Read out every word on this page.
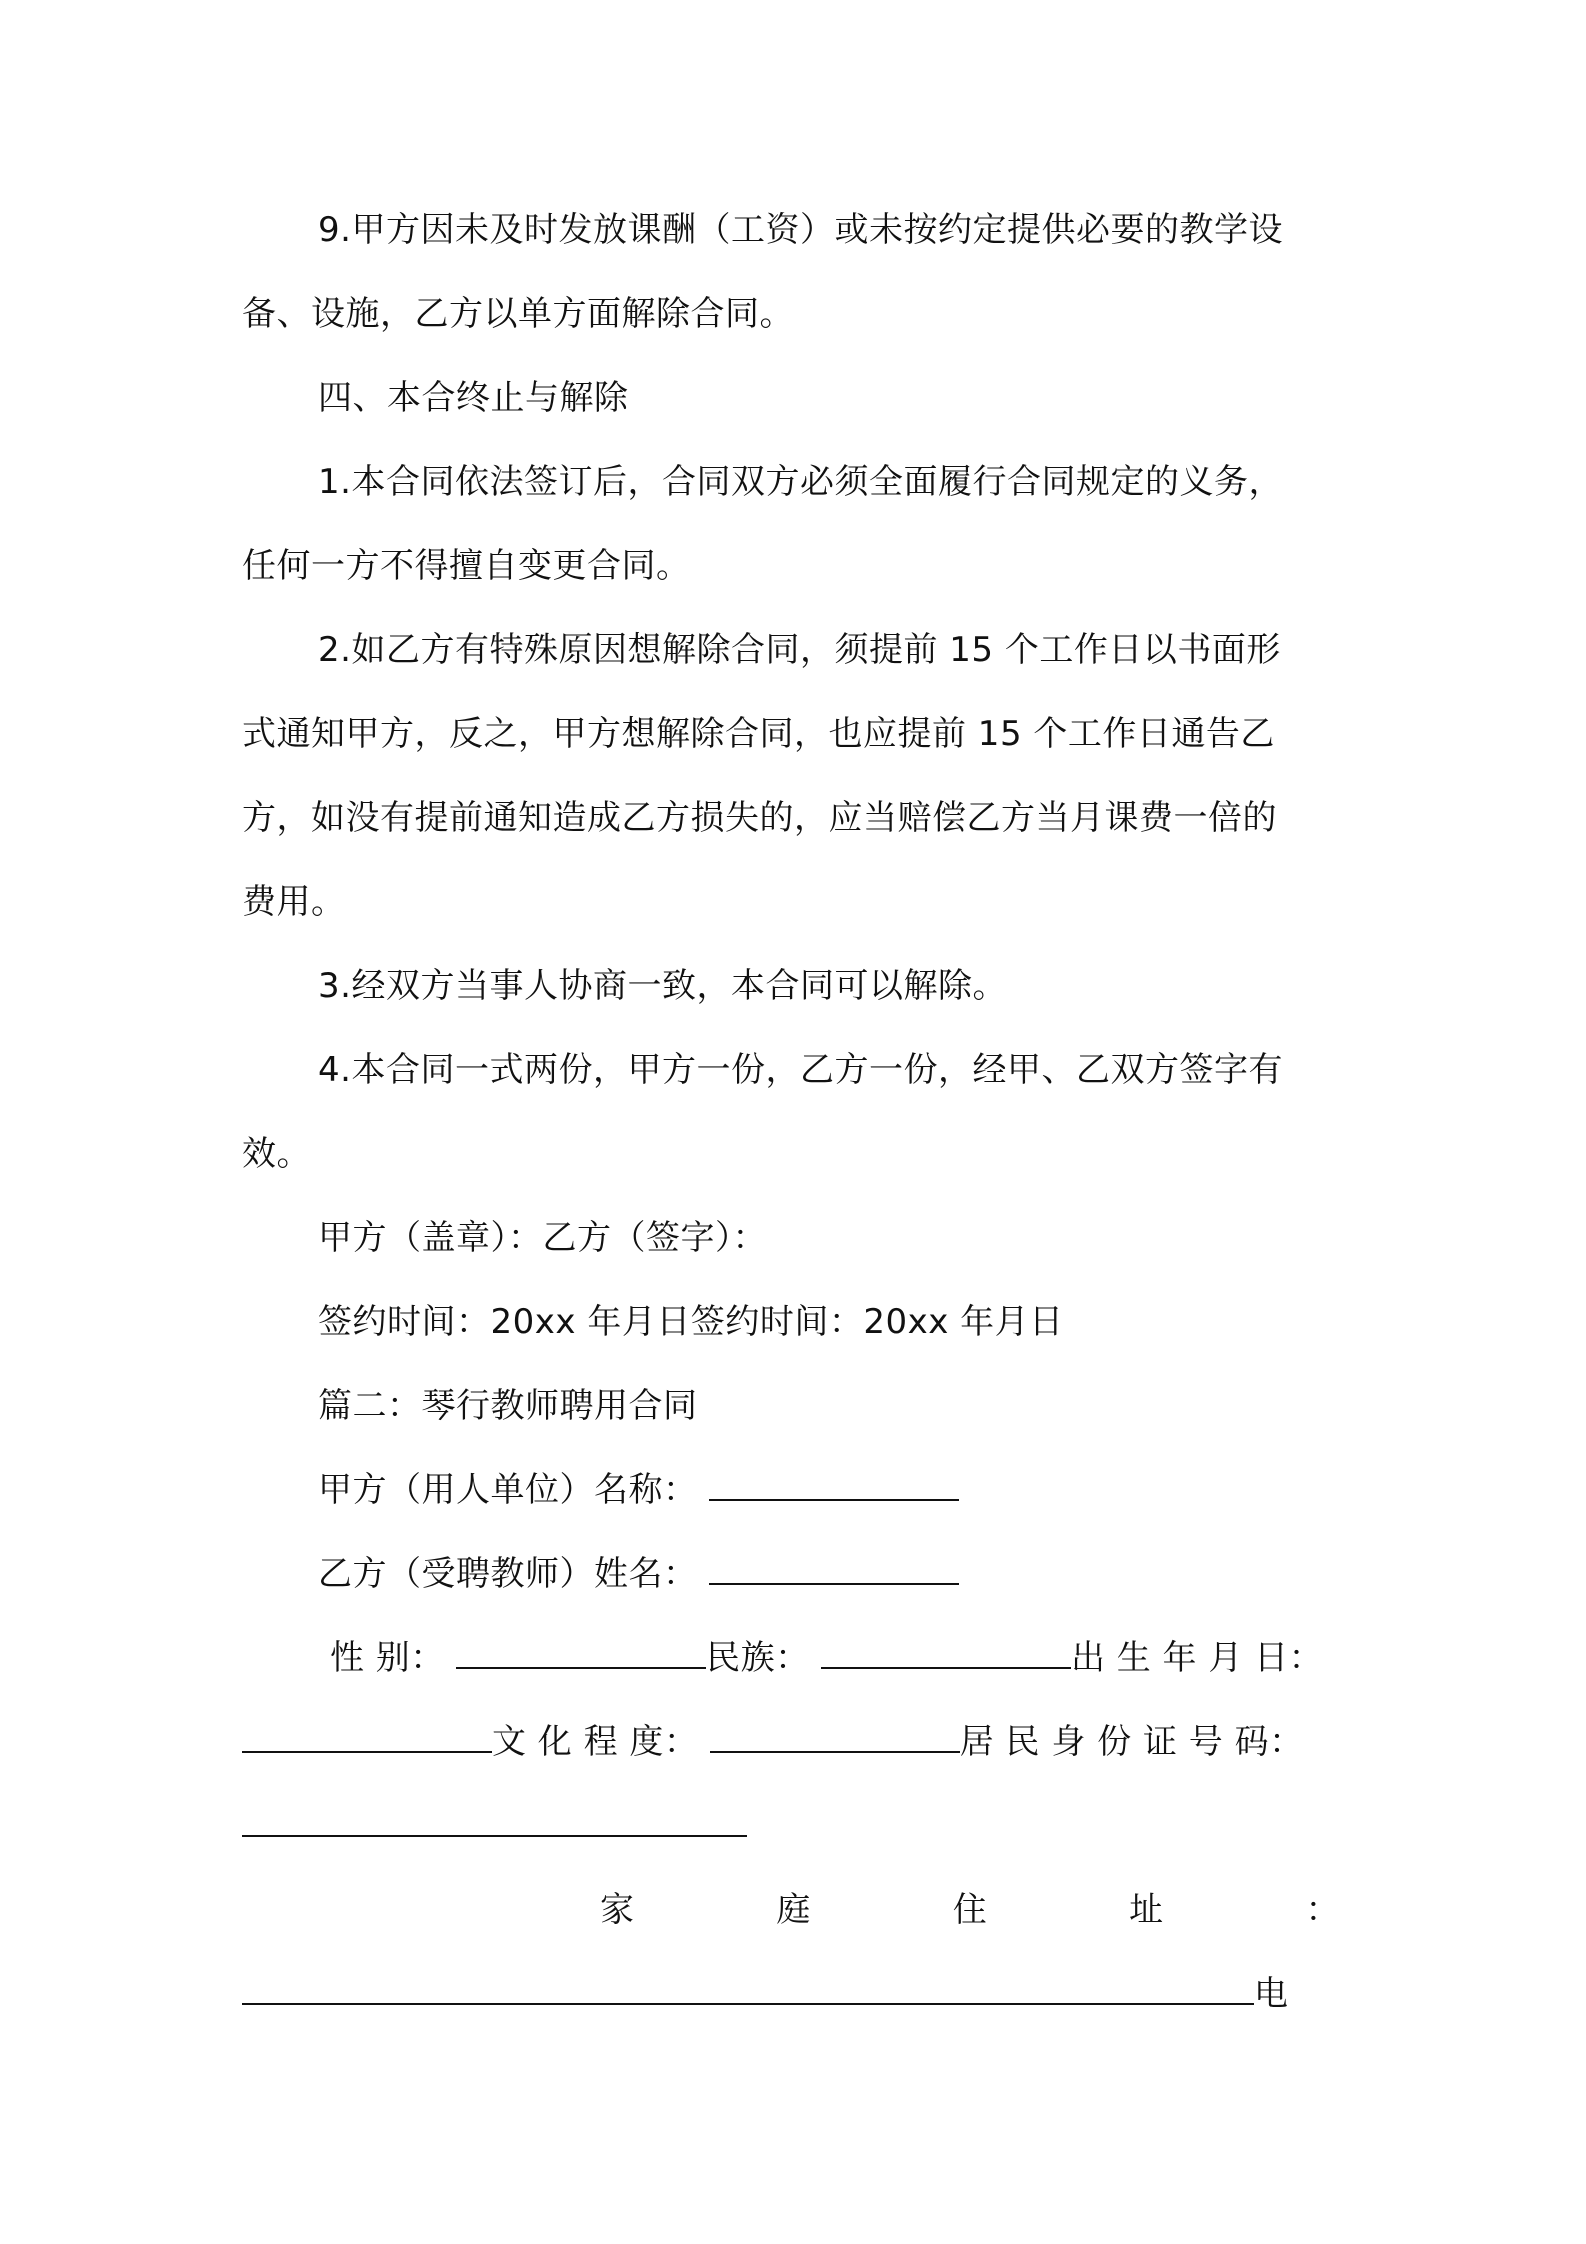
9.甲方因未及时发放课酬（工资）或未按约定提供必要的教学设
备、设施，乙方以单方面解除合同。
四、本合终止与解除
1.本合同依法签订后，合同双方必须全面履行合同规定的义务，
任何一方不得擅自变更合同。
2.如乙方有特殊原因想解除合同，须提前 15 个工作日以书面形
式通知甲方，反之，甲方想解除合同，也应提前 15 个工作日通告乙
方，如没有提前通知造成乙方损失的，应当赔偿乙方当月课费一倍的
费用。
3.经双方当事人协商一致，本合同可以解除。
4.本合同一式两份，甲方一份，乙方一份，经甲、乙双方签字有
效。
甲方（盖章）：乙方（签字）：
签约时间：20xx 年月日签约时间：20xx 年月日
篇二：琴行教师聘用合同
甲方（用人单位）名称：
乙方（受聘教师）姓名：
性 别：	民族：	出 生 年 月 日：
文 化 程 度：	居 民 身 份 证 号 码：
家	庭	住	址	：
电
